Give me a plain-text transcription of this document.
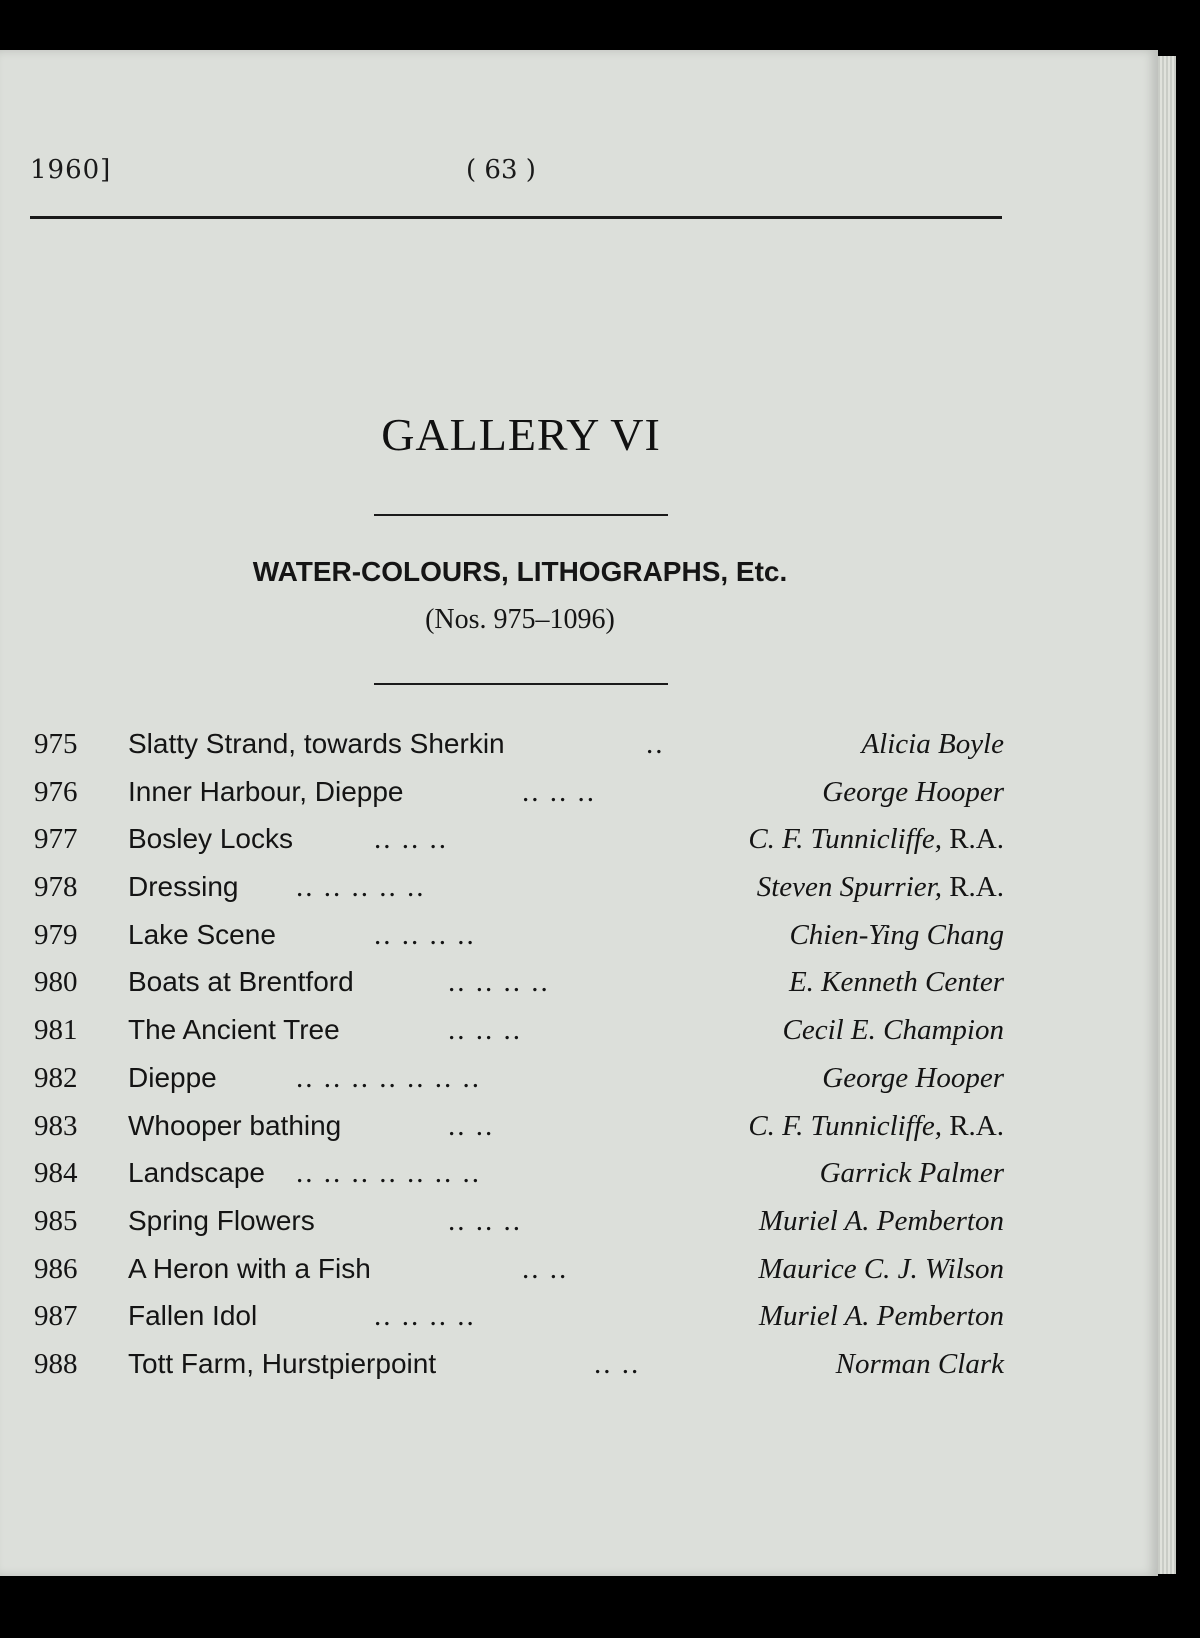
1960]	( 63 )
GALLERY VI
WATER-COLOURS, LITHOGRAPHS, Etc.
(Nos. 975–1096)
975	Slatty Strand, towards Sherkin	..	Alicia Boyle
976	Inner Harbour, Dieppe	.. .. ..	George Hooper
977	Bosley Locks	.. .. ..	C. F. Tunnicliffe, R.A.
978	Dressing .. .. .. .. ..	Steven Spurrier, R.A.
979	Lake Scene	.. .. .. ..	Chien-Ying Chang
980	Boats at Brentford	.. .. .. ..	E. Kenneth Center
981	The Ancient Tree	.. .. ..	Cecil E. Champion
982	Dieppe	.. .. .. .. .. .. ..	George Hooper
983	Whooper bathing	.. ..	C. F. Tunnicliffe, R.A.
984	Landscape .. .. .. .. .. .. ..	Garrick Palmer
985	Spring Flowers	.. .. ..	Muriel A. Pemberton
986	A Heron with a Fish	.. ..	Maurice C. J. Wilson
987	Fallen Idol	.. .. .. ..	Muriel A. Pemberton
988	Tott Farm, Hurstpierpoint	.. ..	Norman Clark
